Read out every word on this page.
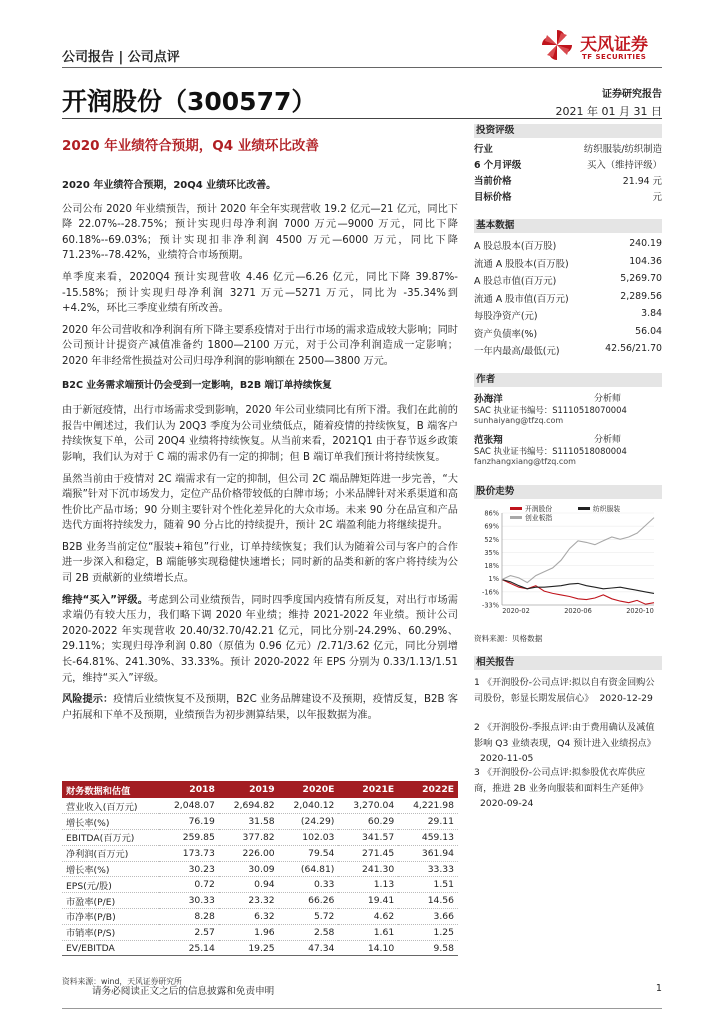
公司报告 | 公司点评
天风证券
TF SECURITIES
开润股份（300577）	证券研究报告
2021 年 01 月 31 日
2020 年业绩符合预期，Q4 业绩环比改善

2020 年业绩符合预期，20Q4 业绩环比改善。

公司公布 2020 年业绩预告，预计 2020 年全年实现营收 19.2 亿元—21 亿元，同比下降 22.07%--28.75%；预计实现归母净利润 7000 万元—9000 万元，同比下降 60.18%--69.03%；预计实现扣非净利润 4500 万元—6000 万元，同比下降 71.23%--78.42%，业绩符合市场预期。

单季度来看，2020Q4 预计实现营收 4.46 亿元—6.26 亿元，同比下降 39.87%--15.58%；预计实现归母净利润 3271 万元—5271 万元，同比为 -35.34%到+4.2%，环比三季度业绩有所改善。

2020 年公司营收和净利润有所下降主要系疫情对于出行市场的需求造成较大影响；同时公司预计计提资产减值准备约 1800—2100 万元，对于公司净利润造成一定影响；2020 年非经常性损益对公司归母净利润的影响额在 2500—3800 万元。

B2C 业务需求端预计仍会受到一定影响，B2B 端订单持续恢复

由于新冠疫情，出行市场需求受到影响，2020 年公司业绩同比有所下滑。我们在此前的报告中阐述过，我们认为 20Q3 季度为公司业绩低点，随着疫情的持续恢复，B 端客户持续恢复下单，公司 20Q4 业绩将持续恢复。从当前来看，2021Q1 由于春节返乡政策影响，我们认为对于 C 端的需求仍有一定的抑制；但 B 端订单我们预计将持续恢复。

虽然当前由于疫情对 2C 端需求有一定的抑制，但公司 2C 端品牌矩阵进一步完善，“大端猴”针对下沉市场发力，定位产品价格带较低的白牌市场；小米品牌针对米系渠道和高性价比产品市场；90 分则主要针对个性化差异化的大众市场。未来 90 分在品宣和产品迭代方面将持续发力，随着 90 分占比的持续提升，预计 2C 端盈利能力将继续提升。

B2B 业务当前定位“服装+箱包”行业，订单持续恢复；我们认为随着公司与客户的合作进一步深入和稳定，B 端能够实现稳健快速增长；同时新的品类和新的客户将持续为公司 2B 贡献新的业绩增长点。

维持“买入”评级。考虑到公司业绩预告，同时四季度国内疫情有所反复，对出行市场需求端仍有较大压力，我们略下调 2020 年业绩；维持 2021-2022 年业绩。预计公司 2020-2022 年实现营收 20.40/32.70/42.21 亿元，同比分别-24.29%、60.29%、29.11%；实现归母净利润 0.80（原值为 0.96 亿元）/2.71/3.62 亿元，同比分别增长-64.81%、241.30%、33.33%。预计 2020-2022 年 EPS 分别为 0.33/1.13/1.51 元，维持“买入”评级。

风险提示：疫情后业绩恢复不及预期，B2C 业务品牌建设不及预期，疫情反复，B2B 客户拓展和下单不及预期，业绩预告为初步测算结果，以年报数据为准。

财务数据和估值	2018	2019	2020E	2021E	2022E
营业收入(百万元)	2,048.07	2,694.82	2,040.12	3,270.04	4,221.98
增长率(%)	76.19	31.58	(24.29)	60.29	29.11
EBITDA(百万元)	259.85	377.82	102.03	341.57	459.13
净利润(百万元)	173.73	226.00	79.54	271.45	361.94
增长率(%)	30.23	30.09	(64.81)	241.30	33.33
EPS(元/股)	0.72	0.94	0.33	1.13	1.51
市盈率(P/E)	30.33	23.32	66.26	19.41	14.56
市净率(P/B)	8.28	6.32	5.72	4.62	3.66
市销率(P/S)	2.57	1.96	2.58	1.61	1.25
EV/EBITDA	25.14	19.25	47.34	14.10	9.58
资料来源：wind，天风证券研究所
投资评级
行业	纺织服装/纺织制造
6 个月评级	买入（维持评级）
当前价格	21.94 元
目标价格	元
基本数据
A 股总股本(百万股)	240.19
流通 A 股股本(百万股)	104.36
A 股总市值(百万元)	5,269.70
流通 A 股市值(百万元)	2,289.56
每股净资产(元)	3.84
资产负债率(%)	56.04
一年内最高/最低(元)	42.56/21.70
作者
孙海洋	分析师
SAC 执业证书编号：S1110518070004
sunhaiyang@tfzq.com
范张翔	分析师
SAC 执业证书编号：S1110518080004
fanzhangxiang@tfzq.com
股价走势
86%
69%
52%
35%
18%
1%
-16%
-33%
2020-02	2020-06	2020-10
开润股份	纺织服装
创业板指
资料来源：贝格数据
相关报告
1 《开润股份-公司点评:拟以自有资金回购公司股份，彰显长期发展信心》 2020-12-29
2 《开润股份-季报点评:由于费用确认及减值影响 Q3 业绩表现，Q4 预计进入业绩拐点》2020-11-05
3 《开润股份-公司点评:拟参股优衣库供应商，推进 2B 业务向服装和面料生产延伸》2020-09-24
请务必阅读正文之后的信息披露和免责申明	1
